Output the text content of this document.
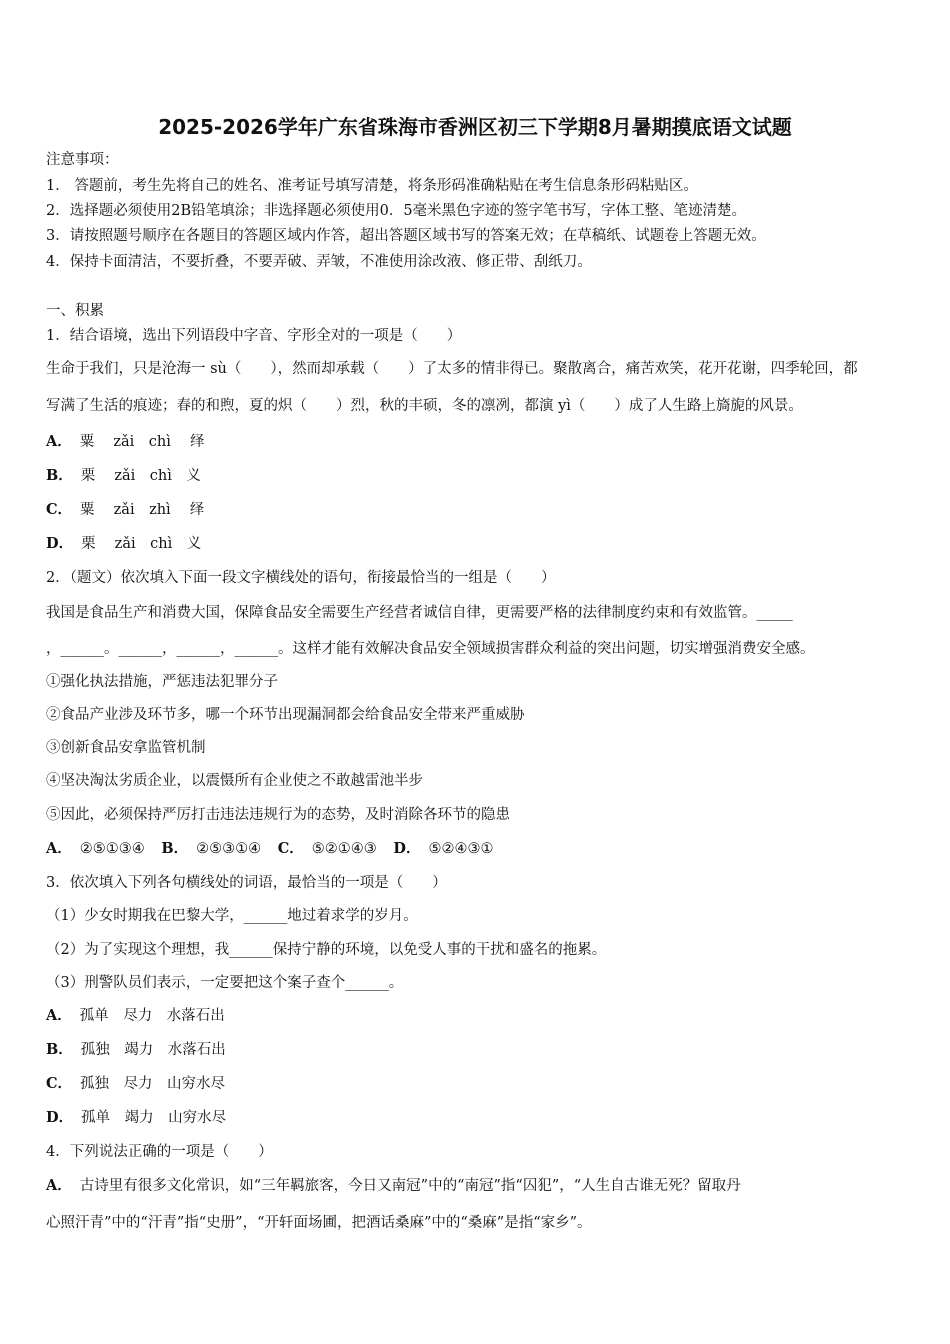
2025-2026学年广东省珠海市香洲区初三下学期8月暑期摸底语文试题
注意事项：
1． 答题前，考生先将自己的姓名、准考证号填写清楚，将条形码准确粘贴在考生信息条形码粘贴区。
2．选择题必须使用2B铅笔填涂；非选择题必须使用0．5毫米黑色字迹的签字笔书写，字体工整、笔迹清楚。
3．请按照题号顺序在各题目的答题区域内作答，超出答题区域书写的答案无效；在草稿纸、试题卷上答题无效。
4．保持卡面清洁，不要折叠，不要弄破、弄皱，不准使用涂改液、修正带、刮纸刀。
一、积累
1．结合语境，选出下列语段中字音、字形全对的一项是（　　）
生命于我们，只是沧海一 sù（　　），然而却承载（　　）了太多的情非得已。聚散离合，痛苦欢笑，花开花谢，四季轮回，都
写满了生活的痕迹；春的和煦，夏的炽（　　）烈，秋的丰硕，冬的凛冽，都演 yì（　　）成了人生路上旖旎的风景。
A． 粟　 zǎi　chì　 绎
B． 栗　 zǎi　chì　义
C． 粟　 zǎi　zhì　 绎
D． 栗　 zǎi　chì　义
2．（题文）依次填入下面一段文字横线处的语句，衔接最恰当的一组是（　　）
我国是食品生产和消费大国，保障食品安全需要生产经营者诚信自律，更需要严格的法律制度约束和有效监管。_____
，______。______，______，______。这样才能有效解决食品安全领域损害群众利益的突出问题，切实增强消费安全感。
①强化执法措施，严惩违法犯罪分子
②食品产业涉及环节多，哪一个环节出现漏洞都会给食品安全带来严重威胁
③创新食品安拿监管机制
④坚决淘汰劣质企业，以震慑所有企业使之不敢越雷池半步
⑤因此，必须保持严厉打击违法违规行为的态势，及时消除各环节的隐患
A． ②⑤①③④ B． ②⑤③①④ C． ⑤②①④③ D． ⑤②④③①
3．依次填入下列各句横线处的词语，最恰当的一项是（　　）
（1）少女时期我在巴黎大学，______地过着求学的岁月。
（2）为了实现这个理想，我______保持宁静的环境，以免受人事的干扰和盛名的拖累。
（3）刑警队员们表示，一定要把这个案子查个______。
A． 孤单　尽力　水落石出
B． 孤独　竭力　水落石出
C． 孤独　尽力　山穷水尽
D． 孤单　竭力　山穷水尽
4．下列说法正确的一项是（　　）
A． 古诗里有很多文化常识，如“三年羁旅客，今日又南冠”中的“南冠”指“囚犯”，“人生自古谁无死？留取丹
心照汗青”中的“汗青”指“史册”，“开轩面场圃，把酒话桑麻”中的“桑麻”是指“家乡”。
